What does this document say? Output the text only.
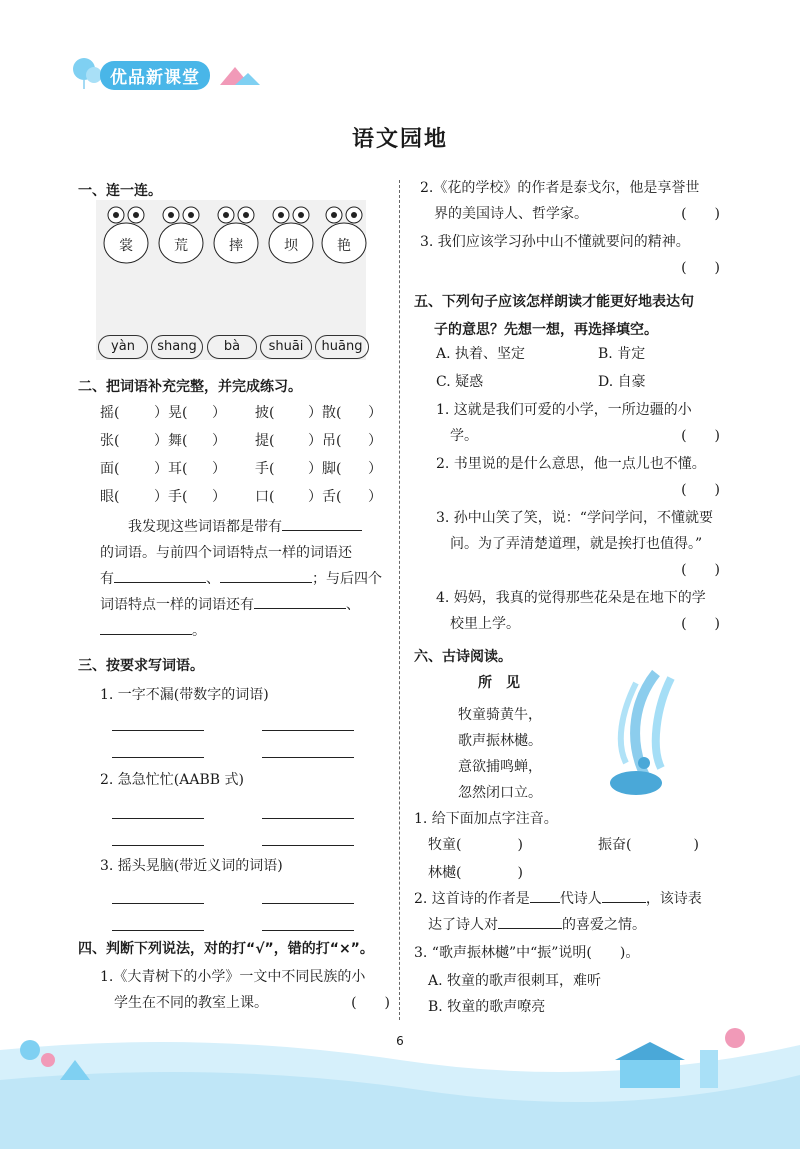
优品新课堂
语文园地
一、连一连。
裳	荒	摔	坝	艳
yàn	shang	bà	shuāi	huāng
二、把词语补充完整，并完成练习。
摇( ）晃( ） 披( ）散( ）
张( ）舞( ） 提( ）吊( ）
面( ）耳( ） 手( ）脚( ）
眼( ）手( ） 口( ）舌( ）
我发现这些词语都是带有
的词语。与前四个词语特点一样的词语还
有	、	；与后四个
词语特点一样的词语还有	、
。
三、按要求写词语。
1. 一字不漏(带数字的词语)
2. 急急忙忙(AABB 式)
3. 摇头晃脑(带近义词的词语)
四、判断下列说法，对的打“√”，错的打“×”。
1.《大青树下的小学》一文中不同民族的小
学生在不同的教室上课。	(　　)
2.《花的学校》的作者是泰戈尔，他是享誉世
界的美国诗人、哲学家。	(　　)
3. 我们应该学习孙中山不懂就要问的精神。
(　　)
五、下列句子应该怎样朗读才能更好地表达句
子的意思？先想一想，再选择填空。
A. 执着、坚定	B. 肯定
C. 疑惑	D. 自豪
1. 这就是我们可爱的小学，一所边疆的小
学。	(　　)
2. 书里说的是什么意思，他一点儿也不懂。
(　　)
3. 孙中山笑了笑，说：“学问学问，不懂就要
问。为了弄清楚道理，就是挨打也值得。”
(　　)
4. 妈妈，我真的觉得那些花朵是在地下的学
校里上学。	(　　)
六、古诗阅读。
所　见
牧童骑黄牛，
歌声振林樾。
意欲捕鸣蝉，
忽然闭口立。
1. 给下面加点字注音。
牧童(	)	振奋(	)
林樾(	)
2. 这首诗的作者是 代诗人	，该诗表
达了诗人对	的喜爱之情。
3. “歌声振林樾”中“振”说明(　　)。
A. 牧童的歌声很刺耳，难听
B. 牧童的歌声嘹亮
6
